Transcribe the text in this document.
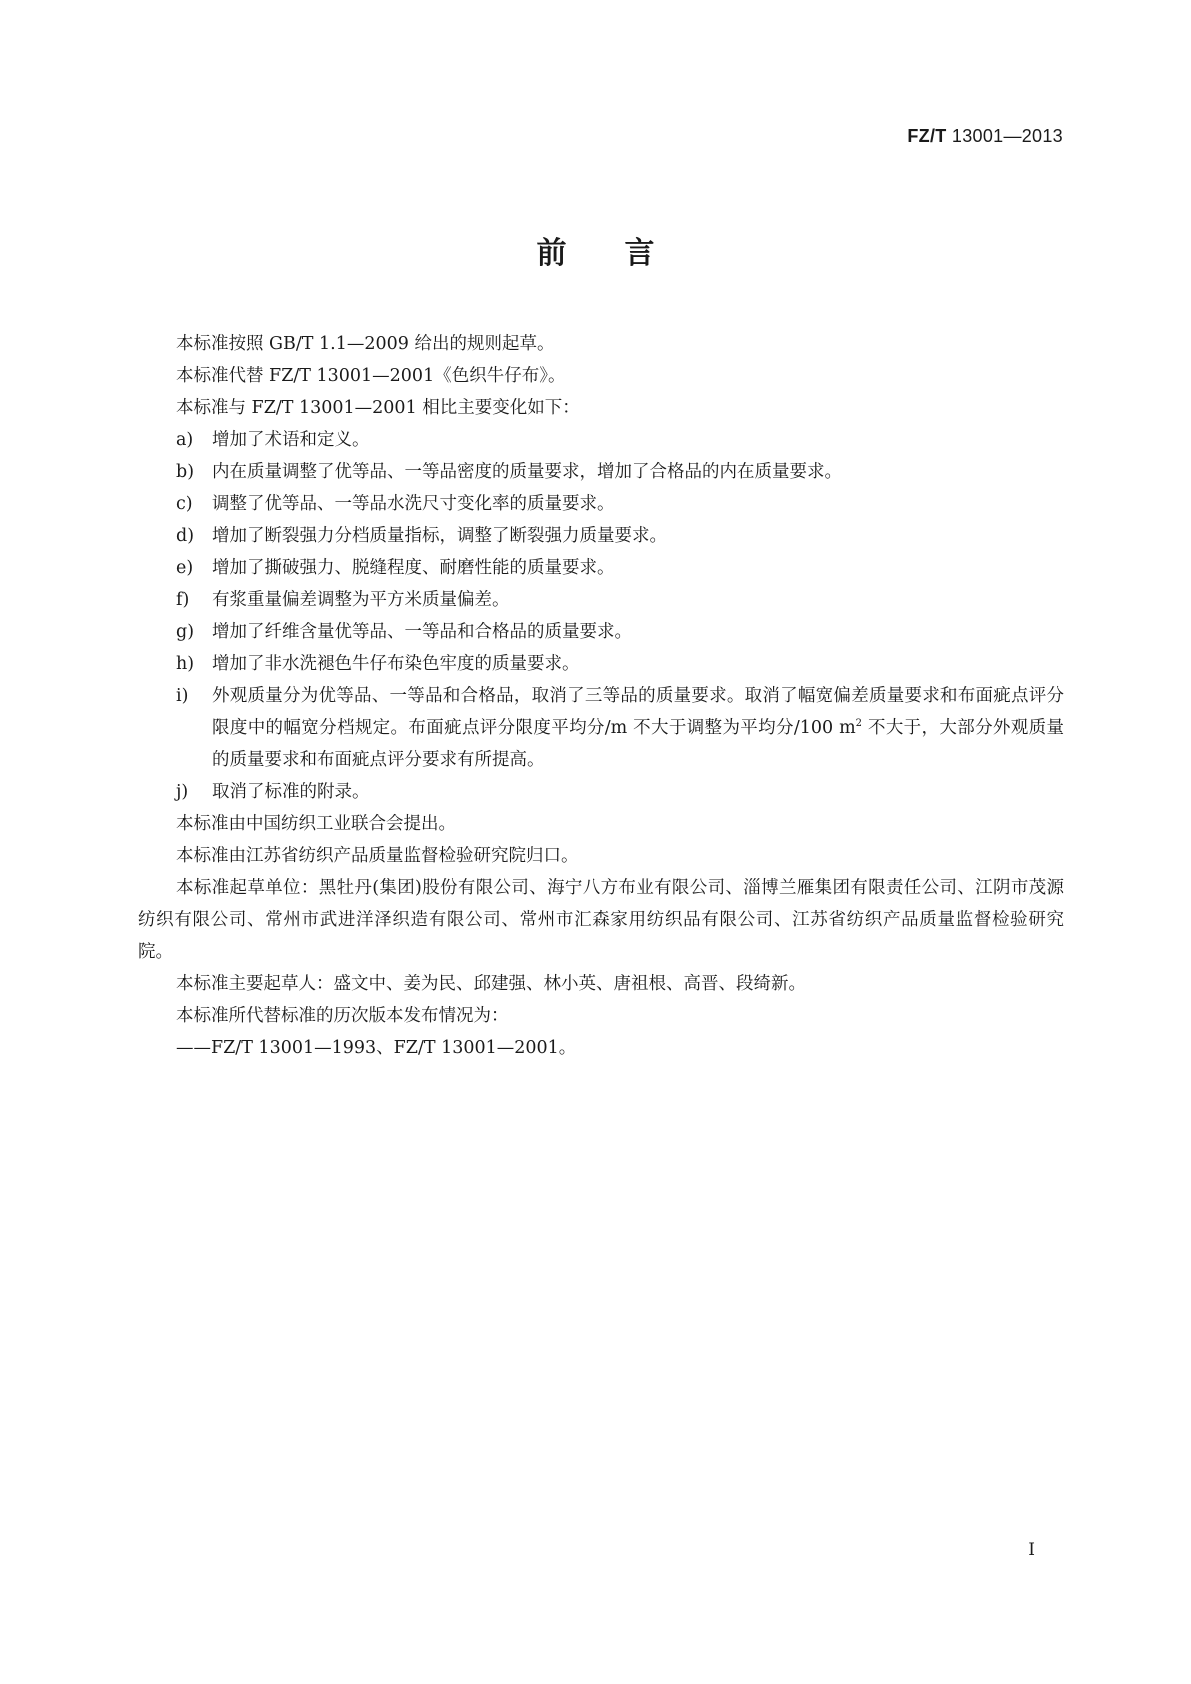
FZ/T 13001—2013
前言

本标准按照 GB/T 1.1—2009 给出的规则起草。

本标准代替 FZ/T 13001—2001《色织牛仔布》。

本标准与 FZ/T 13001—2001 相比主要变化如下：

a) 增加了术语和定义。
b) 内在质量调整了优等品、一等品密度的质量要求，增加了合格品的内在质量要求。
c) 调整了优等品、一等品水洗尺寸变化率的质量要求。
d) 增加了断裂强力分档质量指标，调整了断裂强力质量要求。
e) 增加了撕破强力、脱缝程度、耐磨性能的质量要求。
f) 有浆重量偏差调整为平方米质量偏差。
g) 增加了纤维含量优等品、一等品和合格品的质量要求。
h) 增加了非水洗褪色牛仔布染色牢度的质量要求。
i) 外观质量分为优等品、一等品和合格品，取消了三等品的质量要求。取消了幅宽偏差质量要求和布面疵点评分限度中的幅宽分档规定。布面疵点评分限度平均分/m 不大于调整为平均分/100 $m^2$ 不大于，大部分外观质量的质量要求和布面疵点评分要求有所提高。
j) 取消了标准的附录。

本标准由中国纺织工业联合会提出。

本标准由江苏省纺织产品质量监督检验研究院归口。

本标准起草单位：黑牡丹(集团)股份有限公司、海宁八方布业有限公司、淄博兰雁集团有限责任公司、江阴市茂源纺织有限公司、常州市武进洋泽织造有限公司、常州市汇森家用纺织品有限公司、江苏省纺织产品质量监督检验研究院。

本标准主要起草人：盛文中、姜为民、邱建强、林小英、唐祖根、高晋、段绮新。

本标准所代替标准的历次版本发布情况为：

——FZ/T 13001—1993、FZ/T 13001—2001。

I
